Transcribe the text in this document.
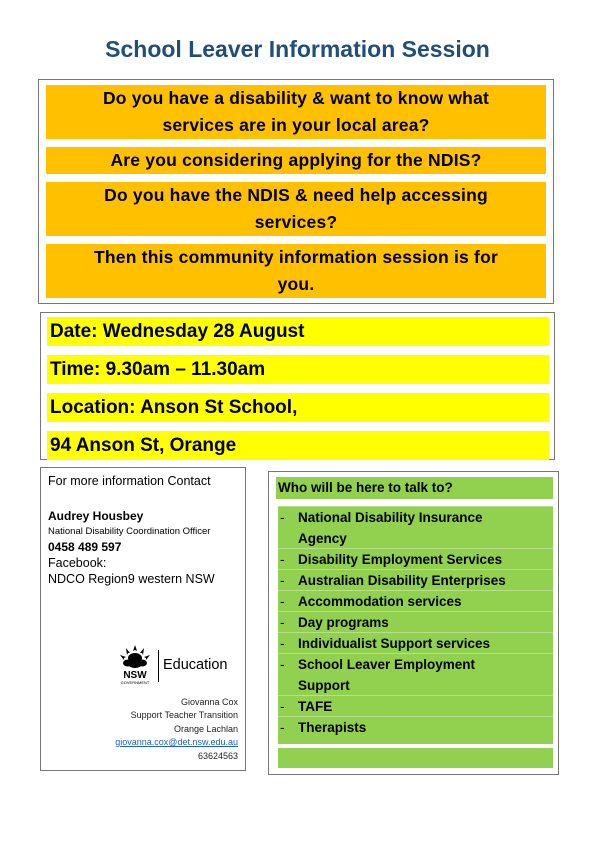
School Leaver Information Session
Do you have a disability & want to know what
services are in your local area?
Are you considering applying for the NDIS?
Do you have the NDIS & need help accessing
services?
Then this community information session is for
you.
Date: Wednesday 28 August
Time: 9.30am – 11.30am
Location: Anson St School,
94 Anson St, Orange
For more information Contact
Audrey Housbey
National Disability Coordination Officer
0458 489 597
Facebook:
NDCO Region9 western NSW
NSW
GOVERNMENT
Education
Giovanna Cox
Support Teacher Transition
Orange Lachlan
giovanna.cox@det.nsw.edu.au
63624563
Who will be here to talk to?
- National Disability Insurance
Agency
- Disability Employment Services
- Australian Disability Enterprises
- Accommodation services
- Day programs
- Individualist Support services
- School Leaver Employment
Support
- TAFE
- Therapists
